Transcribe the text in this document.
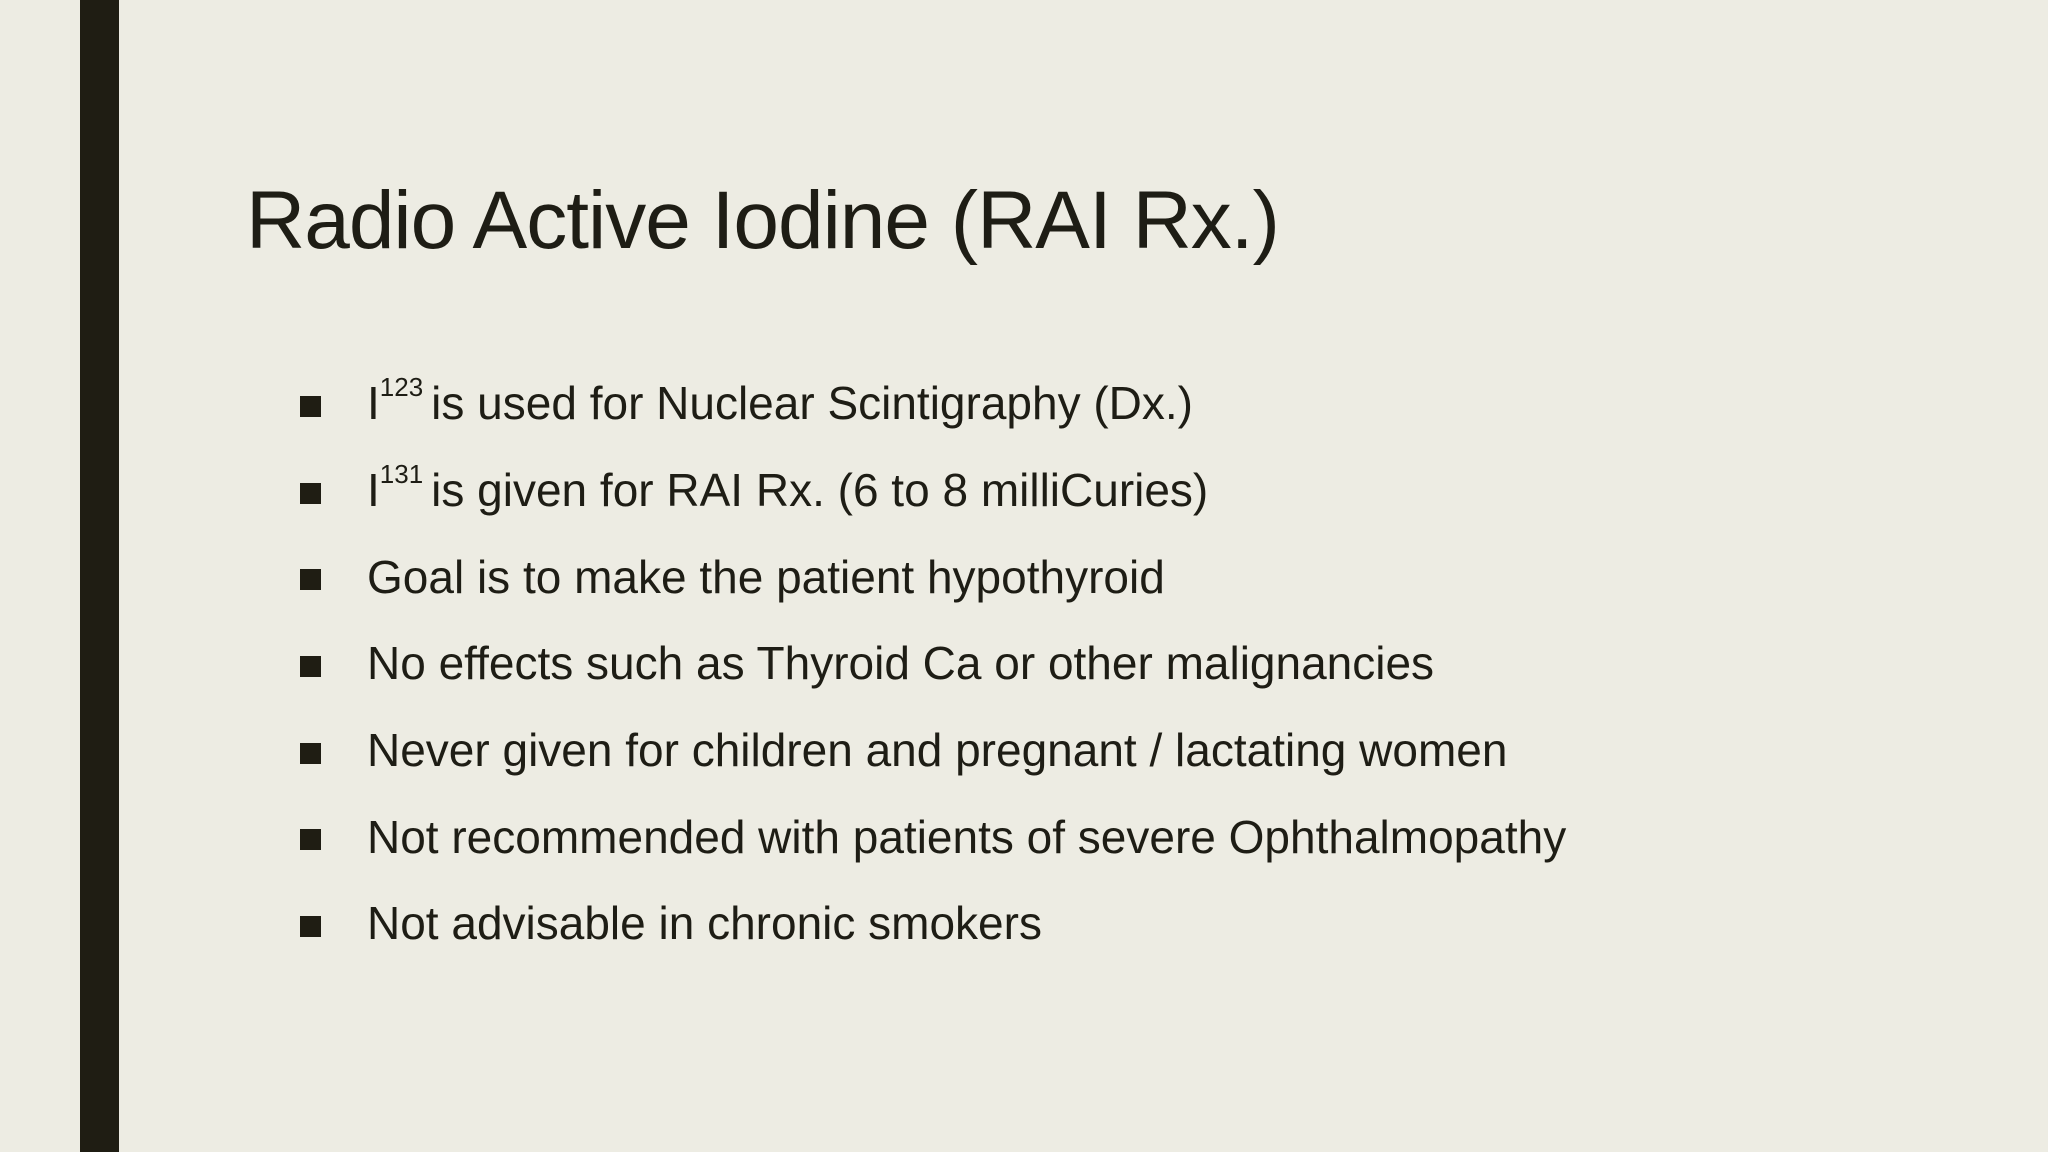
Radio Active Iodine (RAI Rx.)
I 123 is used for Nuclear Scintigraphy (Dx.)
I 131 is given for RAI Rx. (6 to 8 milliCuries)
Goal is to make the patient hypothyroid
No effects such as Thyroid Ca or other malignancies
Never given for children and pregnant / lactating women
Not recommended with patients of severe Ophthalmopathy
Not advisable in chronic smokers
